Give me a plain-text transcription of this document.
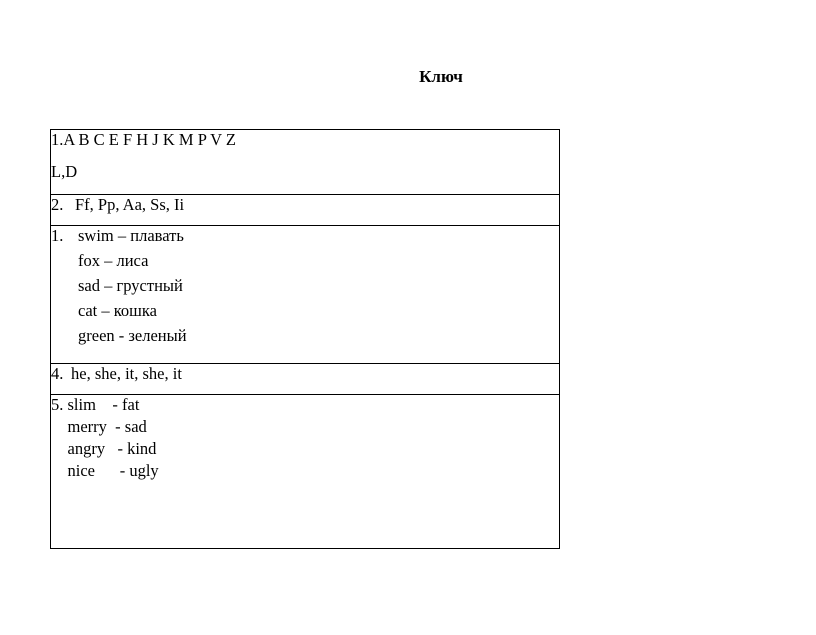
Ключ
1.A B C E F H J K M P V Z
L,D

2. Ff, Pp, Aa, Ss, Ii

1. swim – плавать
fox – лиса
sad – грустный
cat – кошка
green - зеленый

4. he, she, it, she, it

5. slim    - fat
merry  - sad
angry   - kind
nice      - ugly
